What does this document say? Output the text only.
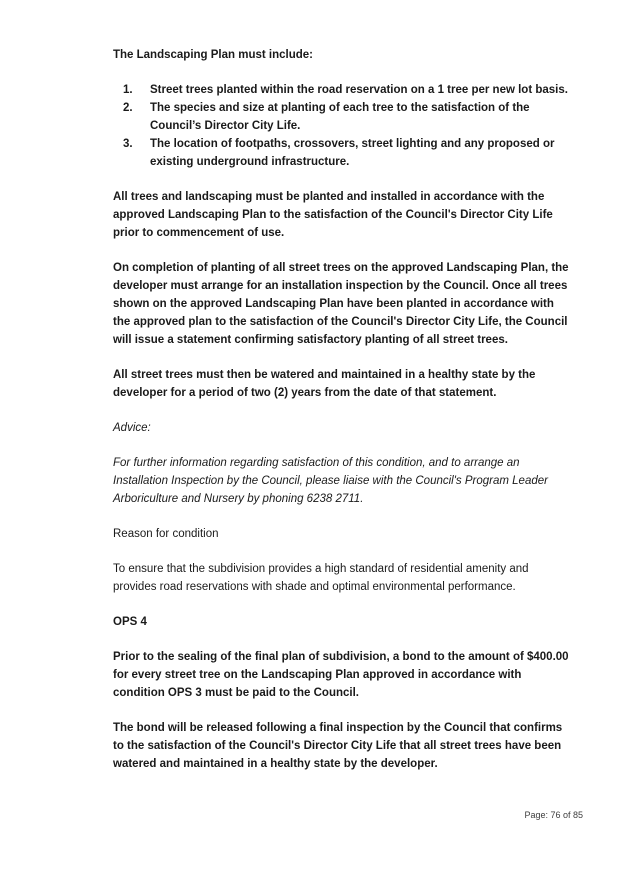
The Landscaping Plan must include:

1.	Street trees planted within the road reservation on a 1 tree per new lot basis.
2.	The species and size at planting of each tree to the satisfaction of the Council’s Director City Life.
3.	The location of footpaths, crossovers, street lighting and any proposed or existing underground infrastructure.

All trees and landscaping must be planted and installed in accordance with the approved Landscaping Plan to the satisfaction of the Council's Director City Life prior to commencement of use.

On completion of planting of all street trees on the approved Landscaping Plan, the developer must arrange for an installation inspection by the Council. Once all trees shown on the approved Landscaping Plan have been planted in accordance with the approved plan to the satisfaction of the Council's Director City Life, the Council will issue a statement confirming satisfactory planting of all street trees.

All street trees must then be watered and maintained in a healthy state by the developer for a period of two (2) years from the date of that statement.

Advice:

For further information regarding satisfaction of this condition, and to arrange an Installation Inspection by the Council, please liaise with the Council's Program Leader Arboriculture and Nursery by phoning 6238 2711.

Reason for condition

To ensure that the subdivision provides a high standard of residential amenity and provides road reservations with shade and optimal environmental performance.

OPS 4

Prior to the sealing of the final plan of subdivision, a bond to the amount of $400.00 for every street tree on the Landscaping Plan approved in accordance with condition OPS 3 must be paid to the Council.

The bond will be released following a final inspection by the Council that confirms to the satisfaction of the Council's Director City Life that all street trees have been watered and maintained in a healthy state by the developer.

Page: 76 of 85
